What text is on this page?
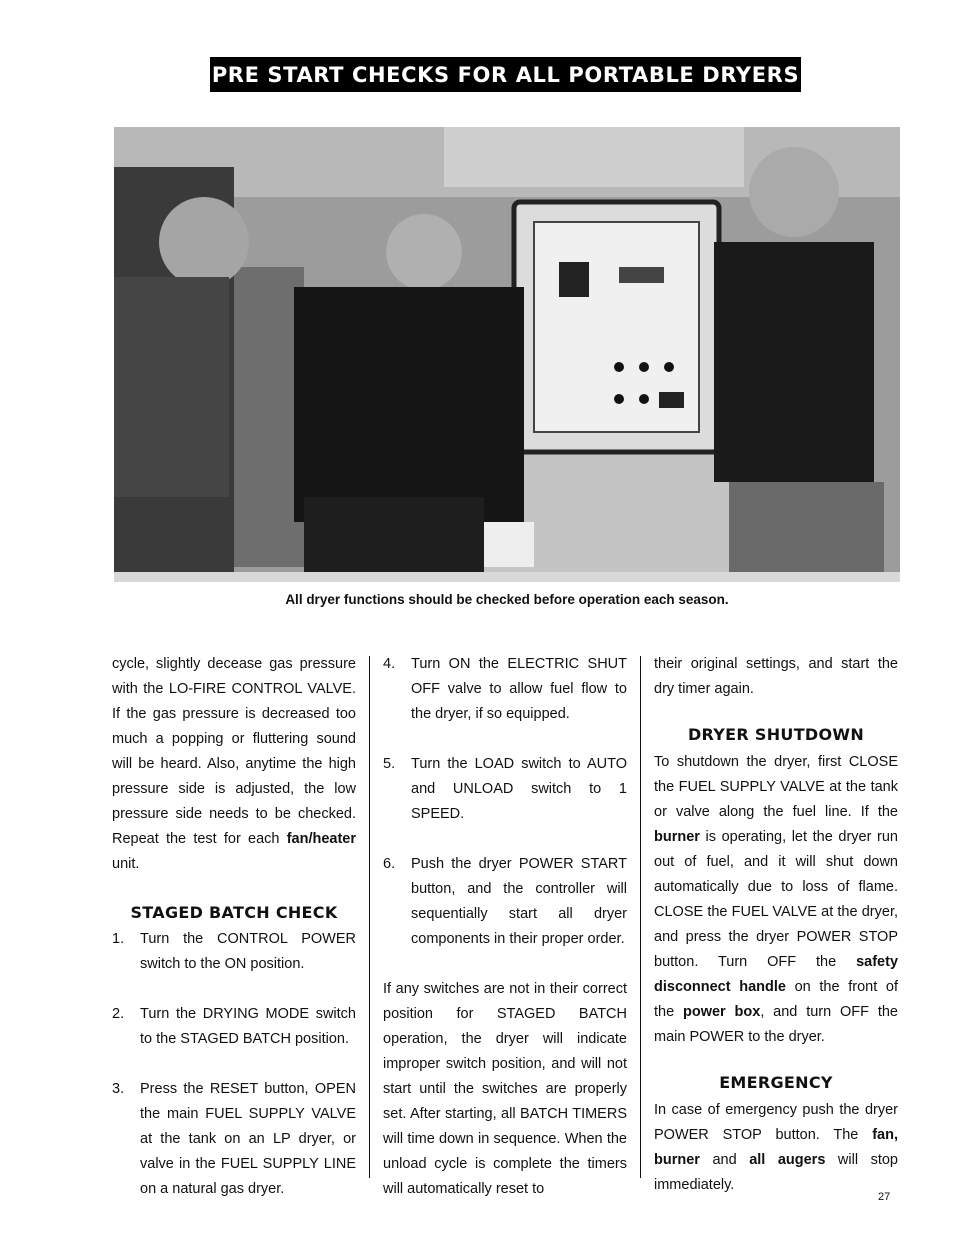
PRE START CHECKS FOR ALL PORTABLE DRYERS
All dryer functions should be checked before operation each season.

cycle, slightly decease gas pressure with the LO-FIRE CONTROL VALVE. If the gas pressure is decreased too much a popping or fluttering sound will be heard. Also, anytime the high pressure side is adjusted, the low pressure side needs to be checked. Repeat the test for each fan/heater unit.

STAGED BATCH CHECK
1.	Turn the CONTROL POWER switch to the ON position.
2.	Turn the DRYING MODE switch to the STAGED BATCH position.
3.	Press the RESET button, OPEN the main FUEL SUPPLY VALVE at the tank on an LP dryer, or valve in the FUEL SUPPLY LINE on a natural gas dryer.
4.	Turn ON the ELECTRIC SHUT OFF valve to allow fuel flow to the dryer, if so equipped.
5.	Turn the LOAD switch to AUTO and UNLOAD switch to 1 SPEED.
6.	Push the dryer POWER START button, and the controller will sequentially start all dryer components in their proper order.

If any switches are not in their correct position for STAGED BATCH operation, the dryer will indicate improper switch position, and will not start until the switches are properly set. After starting, all BATCH TIMERS will time down in sequence. When the unload cycle is complete the timers will automatically reset to

their original settings, and start the dry timer again.

DRYER SHUTDOWN

To shutdown the dryer, first CLOSE the FUEL SUPPLY VALVE at the tank or valve along the fuel line. If the burner is operating, let the dryer run out of fuel, and it will shut down automatically due to loss of flame. CLOSE the FUEL VALVE at the dryer, and press the dryer POWER STOP button. Turn OFF the safety disconnect handle on the front of the power box, and turn OFF the main POWER to the dryer.

EMERGENCY

In case of emergency push the dryer POWER STOP button. The fan, burner and all augers will stop immediately.

27
